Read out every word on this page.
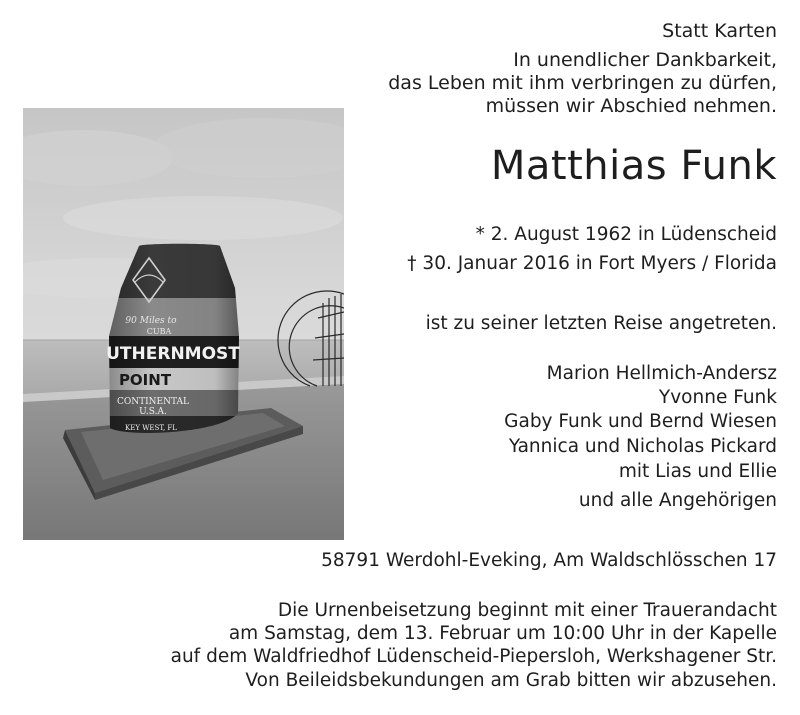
Statt Karten
In unendlicher Dankbarkeit,
das Leben mit ihm verbringen zu dürfen,
müssen wir Abschied nehmen.
Matthias Funk
* 2. August 1962 in Lüdenscheid
† 30. Januar 2016 in Fort Myers / Florida
ist zu seiner letzten Reise angetreten.
Marion Hellmich-Andersz
Yvonne Funk
Gaby Funk und Bernd Wiesen
Yannica und Nicholas Pickard
mit Lias und Ellie
und alle Angehörigen
58791 Werdohl-Eveking, Am Waldschlösschen 17
Die Urnenbeisetzung beginnt mit einer Trauerandacht
am Samstag, dem 13. Februar um 10:00 Uhr in der Kapelle
auf dem Waldfriedhof Lüdenscheid-Piepersloh, Werkshagener Str.
Von Beileidsbekundungen am Grab bitten wir abzusehen.
90 Miles to
CUBA
UTHERNMOST
POINT
CONTINENTAL
U.S.A.
KEY WEST, FL
